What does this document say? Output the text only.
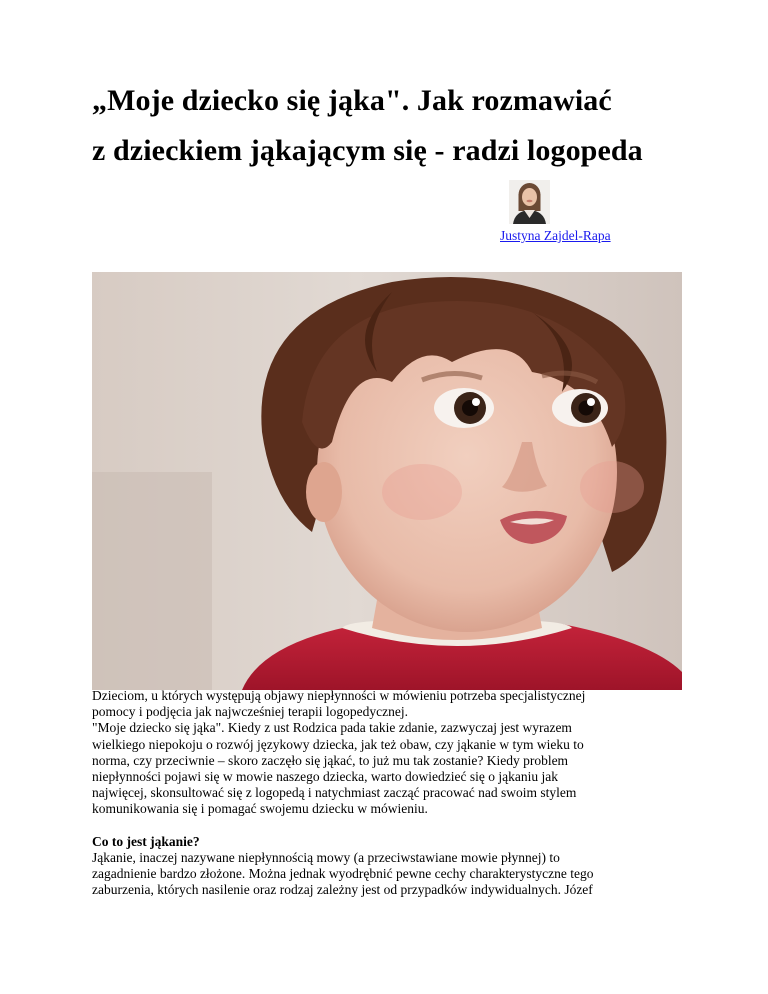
„Moje dziecko się jąka". Jak rozmawiać
z dzieckiem jąkającym się - radzi logopeda
Justyna Zajdel-Rapa

Dzieciom, u których występują objawy niepłynności w mówieniu potrzeba specjalistycznej

pomocy i podjęcia jak najwcześniej terapii logopedycznej.

"Moje dziecko się jąka". Kiedy z ust Rodzica pada takie zdanie, zazwyczaj jest wyrazem

wielkiego niepokoju o rozwój językowy dziecka, jak też obaw, czy jąkanie w tym wieku to

norma, czy przeciwnie – skoro zaczęło się jąkać, to już mu tak zostanie? Kiedy problem

niepłynności pojawi się w mowie naszego dziecka, warto dowiedzieć się o jąkaniu jak

najwięcej, skonsultować się z logopedą i natychmiast zacząć pracować nad swoim stylem

komunikowania się i pomagać swojemu dziecku w mówieniu.

Co to jest jąkanie?

Jąkanie, inaczej nazywane niepłynnością mowy (a przeciwstawiane mowie płynnej) to

zagadnienie bardzo złożone. Można jednak wyodrębnić pewne cechy charakterystyczne tego

zaburzenia, których nasilenie oraz rodzaj zależny jest od przypadków indywidualnych. Józef
